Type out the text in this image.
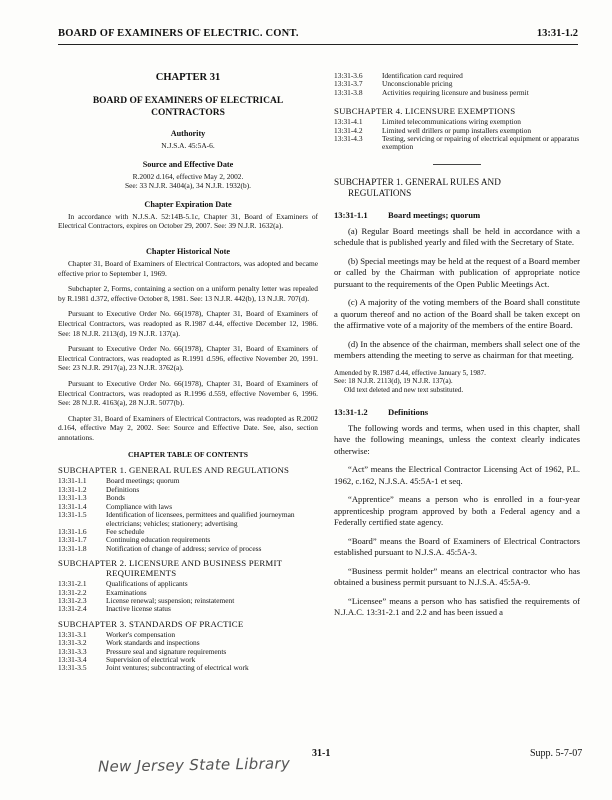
BOARD OF EXAMINERS OF ELECTRIC. CONT.	13:31-1.2
CHAPTER 31
BOARD OF EXAMINERS OF ELECTRICAL
CONTRACTORS
Authority
N.J.S.A. 45:5A-6.
Source and Effective Date
R.2002 d.164, effective May 2, 2002.
See: 33 N.J.R. 3404(a), 34 N.J.R. 1932(b).
Chapter Expiration Date

In accordance with N.J.S.A. 52:14B-5.1c, Chapter 31, Board of Examiners of Electrical Contractors, expires on October 29, 2007. See: 39 N.J.R. 1632(a).

Chapter Historical Note

Chapter 31, Board of Examiners of Electrical Contractors, was adopted and became effective prior to September 1, 1969.

Subchapter 2, Forms, containing a section on a uniform penalty letter was repealed by R.1981 d.372, effective October 8, 1981. See: 13 N.J.R. 442(b), 13 N.J.R. 707(d).

Pursuant to Executive Order No. 66(1978), Chapter 31, Board of Examiners of Electrical Contractors, was readopted as R.1987 d.44, effective December 12, 1986. See: 18 N.J.R. 2113(d), 19 N.J.R. 137(a).

Pursuant to Executive Order No. 66(1978), Chapter 31, Board of Examiners of Electrical Contractors, was readopted as R.1991 d.596, effective November 20, 1991. See: 23 N.J.R. 2917(a), 23 N.J.R. 3762(a).

Pursuant to Executive Order No. 66(1978), Chapter 31, Board of Examiners of Electrical Contractors, was readopted as R.1996 d.559, effective November 6, 1996. See: 28 N.J.R. 4163(a), 28 N.J.R. 5077(b).

Chapter 31, Board of Examiners of Electrical Contractors, was readopted as R.2002 d.164, effective May 2, 2002. See: Source and Effective Date. See, also, section annotations.

CHAPTER TABLE OF CONTENTS
SUBCHAPTER 1. GENERAL RULES AND REGULATIONS
13:31-1.1	Board meetings; quorum
13:31-1.2	Definitions
13:31-1.3	Bonds
13:31-1.4	Compliance with laws
13:31-1.5	Identification of licensees, permittees and qualified journeyman electricians; vehicles; stationery; advertising
13:31-1.6	Fee schedule
13:31-1.7	Continuing education requirements
13:31-1.8	Notification of change of address; service of process
SUBCHAPTER 2. LICENSURE AND BUSINESS PERMIT
REQUIREMENTS
13:31-2.1	Qualifications of applicants
13:31-2.2	Examinations
13:31-2.3	License renewal; suspension; reinstatement
13:31-2.4	Inactive license status
SUBCHAPTER 3. STANDARDS OF PRACTICE
13:31-3.1	Worker's compensation
13:31-3.2	Work standards and inspections
13:31-3.3	Pressure seal and signature requirements
13:31-3.4	Supervision of electrical work
13:31-3.5	Joint ventures; subcontracting of electrical work
13:31-3.6	Identification card required
13:31-3.7	Unconscionable pricing
13:31-3.8	Activities requiring licensure and business permit
SUBCHAPTER 4. LICENSURE EXEMPTIONS
13:31-4.1	Limited telecommunications wiring exemption
13:31-4.2	Limited well drillers or pump installers exemption
13:31-4.3	Testing, servicing or repairing of electrical equipment or apparatus exemption
SUBCHAPTER 1. GENERAL RULES AND
REGULATIONS
13:31-1.1 Board meetings; quorum

(a) Regular Board meetings shall be held in accordance with a schedule that is published yearly and filed with the Secretary of State.

(b) Special meetings may be held at the request of a Board member or called by the Chairman with publication of appropriate notice pursuant to the requirements of the Open Public Meetings Act.

(c) A majority of the voting members of the Board shall constitute a quorum thereof and no action of the Board shall be taken except on the affirmative vote of a majority of the members of the entire Board.

(d) In the absence of the chairman, members shall select one of the members attending the meeting to serve as chairman for that meeting.

Amended by R.1987 d.44, effective January 5, 1987.
See: 18 N.J.R. 2113(d), 19 N.J.R. 137(a).

Old text deleted and new text substituted.
13:31-1.2 Definitions

The following words and terms, when used in this chapter, shall have the following meanings, unless the context clearly indicates otherwise:

“Act” means the Electrical Contractor Licensing Act of 1962, P.L. 1962, c.162, N.J.S.A. 45:5A-1 et seq.

“Apprentice” means a person who is enrolled in a four-year apprenticeship program approved by both a Federal agency and a Federally certified state agency.

“Board” means the Board of Examiners of Electrical Contractors established pursuant to N.J.S.A. 45:5A-3.

“Business permit holder” means an electrical contractor who has obtained a business permit pursuant to N.J.S.A. 45:5A-9.

“Licensee” means a person who has satisfied the requirements of N.J.A.C. 13:31-2.1 and 2.2 and has been issued a

31-1	Supp. 5-7-07
New Jersey State Library
